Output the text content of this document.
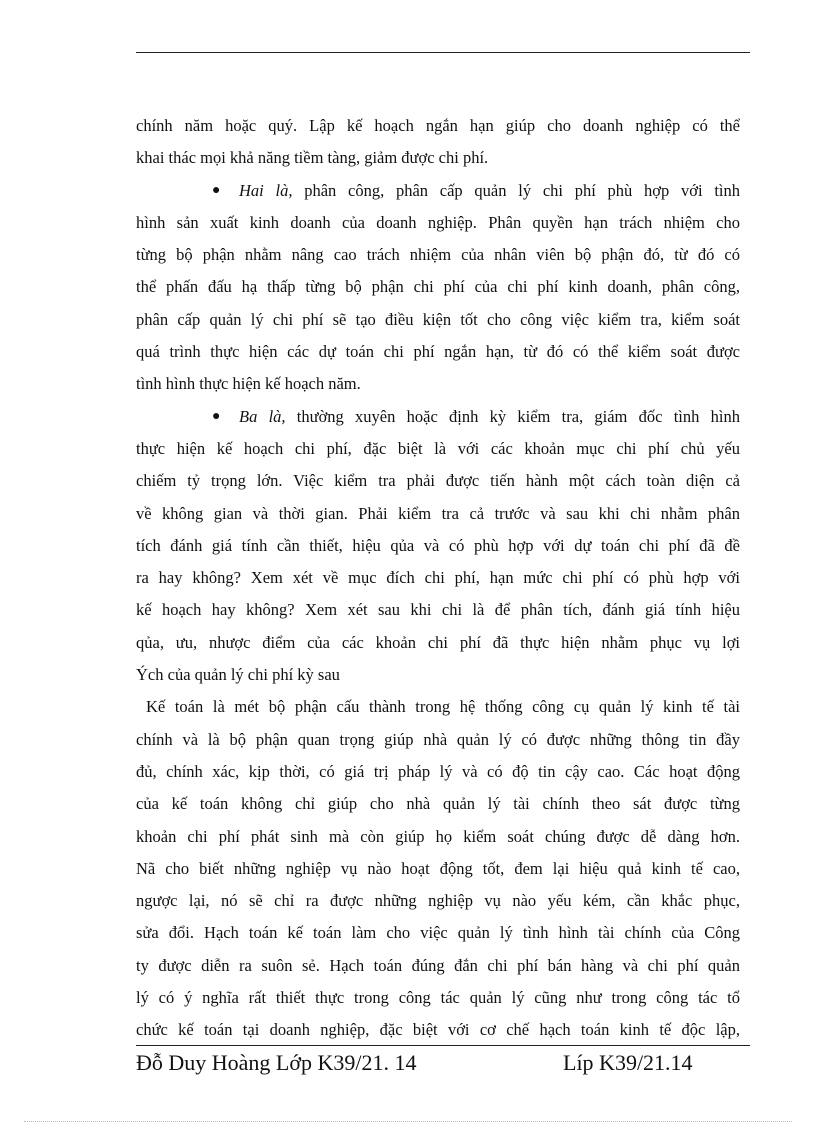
chính năm hoặc quý. Lập kế hoạch ngắn hạn giúp cho doanh nghiệp có thể
khai thác mọi khả năng tiềm tàng, giảm được chi phí.
●	Hai là, phân công, phân cấp quản lý chi phí phù hợp với tình
hình sản xuất kinh doanh của doanh nghiệp. Phân quyền hạn trách nhiệm cho
từng bộ phận nhằm nâng cao trách nhiệm của nhân viên bộ phận đó, từ đó có
thể phấn đấu hạ thấp từng bộ phận chi phí của chi phí kinh doanh, phân công,
phân cấp quản lý chi phí sẽ tạo điều kiện tốt cho công việc kiểm tra, kiểm soát
quá trình thực hiện các dự toán chi phí ngắn hạn, từ đó có thể kiểm soát được
tình hình thực hiện kế hoạch năm.
●	Ba là, thường xuyên hoặc định kỳ kiểm tra, giám đốc tình hình
thực hiện kế hoạch chi phí, đặc biệt là với các khoản mục chi phí chủ yếu
chiếm tỷ trọng lớn. Việc kiểm tra phải được tiến hành một cách toàn diện cả
về không gian và thời gian. Phải kiểm tra cả trước và sau khi chi nhằm phân
tích đánh giá tính cần thiết, hiệu qủa và có phù hợp với dự toán chi phí đã đề
ra hay không? Xem xét về mục đích chi phí, hạn mức chi phí có phù hợp với
kế hoạch hay không? Xem xét sau khi chi là để phân tích, đánh giá tính hiệu
qủa, ưu, nhược điểm của các khoản chi phí đã thực hiện nhằm phục vụ lợi
Ých của quản lý chi phí kỳ sau
Kế toán là mét bộ phận cấu thành trong hệ thống công cụ quản lý kinh tế tài
chính và là bộ phận quan trọng giúp nhà quản lý có được những thông tin đầy
đủ, chính xác, kịp thời, có giá trị pháp lý và có độ tin cậy cao. Các hoạt động
của kế toán không chỉ giúp cho nhà quản lý tài chính theo sát được từng
khoản chi phí phát sinh mà còn giúp họ kiểm soát chúng được dễ dàng hơn.
Nã cho biết những nghiệp vụ nào hoạt động tốt, đem lại hiệu quả kinh tế cao,
ngược lại, nó sẽ chỉ ra được những nghiệp vụ nào yếu kém, cần khắc phục,
sửa đổi. Hạch toán kế toán làm cho việc quản lý tình hình tài chính của Công
ty được diễn ra suôn sẻ. Hạch toán đúng đắn chi phí bán hàng và chi phí quản
lý có ý nghĩa rất thiết thực trong công tác quản lý cũng như trong công tác tổ
chức kế toán tại doanh nghiệp, đặc biệt với cơ chế hạch toán kinh tế độc lập,
Đỗ Duy Hoàng Lớp K39/21. 14	Líp K39/21.14
